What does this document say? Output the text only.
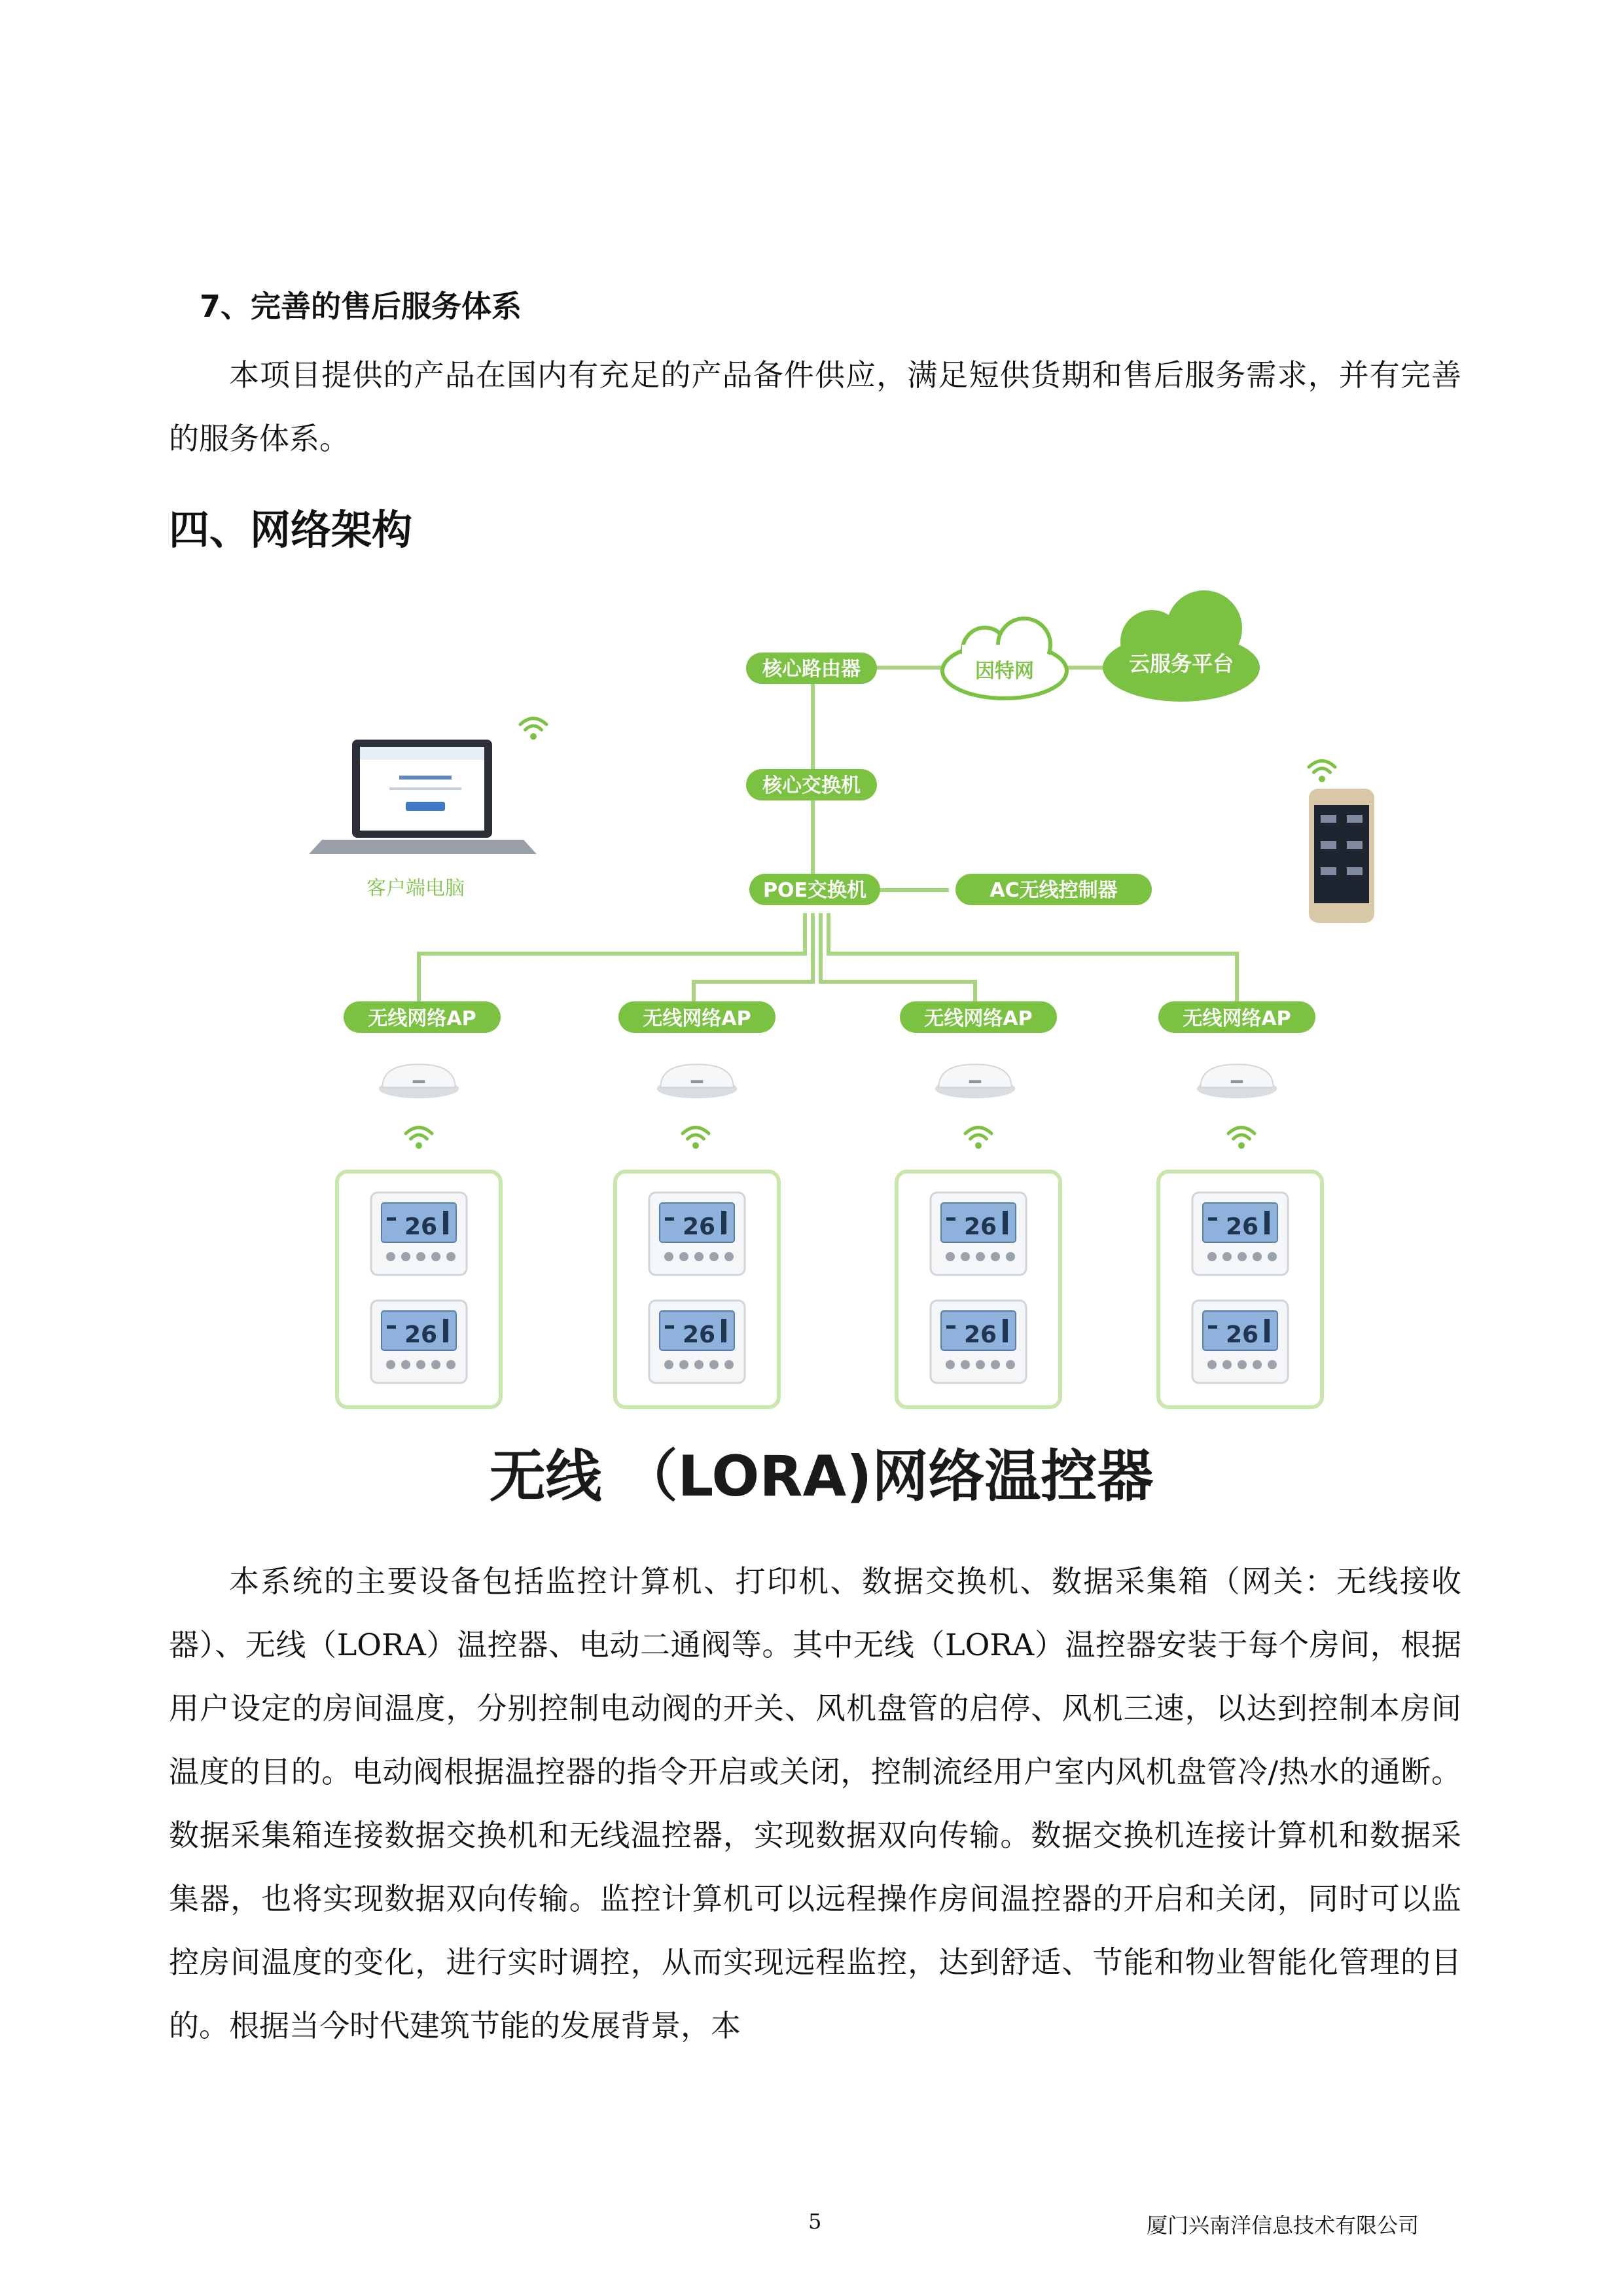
7、完善的售后服务体系

本项目提供的产品在国内有充足的产品备件供应，满足短供货期和售后服务需求，并有完善的服务体系。

四、网络架构
核心路由器	因特网	云服务平台
核心交换机
POE交换机	AC无线控制器
客户端电脑
无线网络AP	无线网络AP	无线网络AP	无线网络AP
无线 （LORA)网络温控器

本系统的主要设备包括监控计算机、打印机、数据交换机、数据采集箱（网关：无线接收器）、无线（LORA）温控器、电动二通阀等。其中无线（LORA）温控器安装于每个房间，根据用户设定的房间温度，分别控制电动阀的开关、风机盘管的启停、风机三速，以达到控制本房间温度的目的。电动阀根据温控器的指令开启或关闭，控制流经用户室内风机盘管冷/热水的通断。数据采集箱连接数据交换机和无线温控器，实现数据双向传输。数据交换机连接计算机和数据采集器，也将实现数据双向传输。监控计算机可以远程操作房间温控器的开启和关闭，同时可以监控房间温度的变化，进行实时调控，从而实现远程监控，达到舒适、节能和物业智能化管理的目的。根据当今时代建筑节能的发展背景，本

5	厦门兴南洋信息技术有限公司
